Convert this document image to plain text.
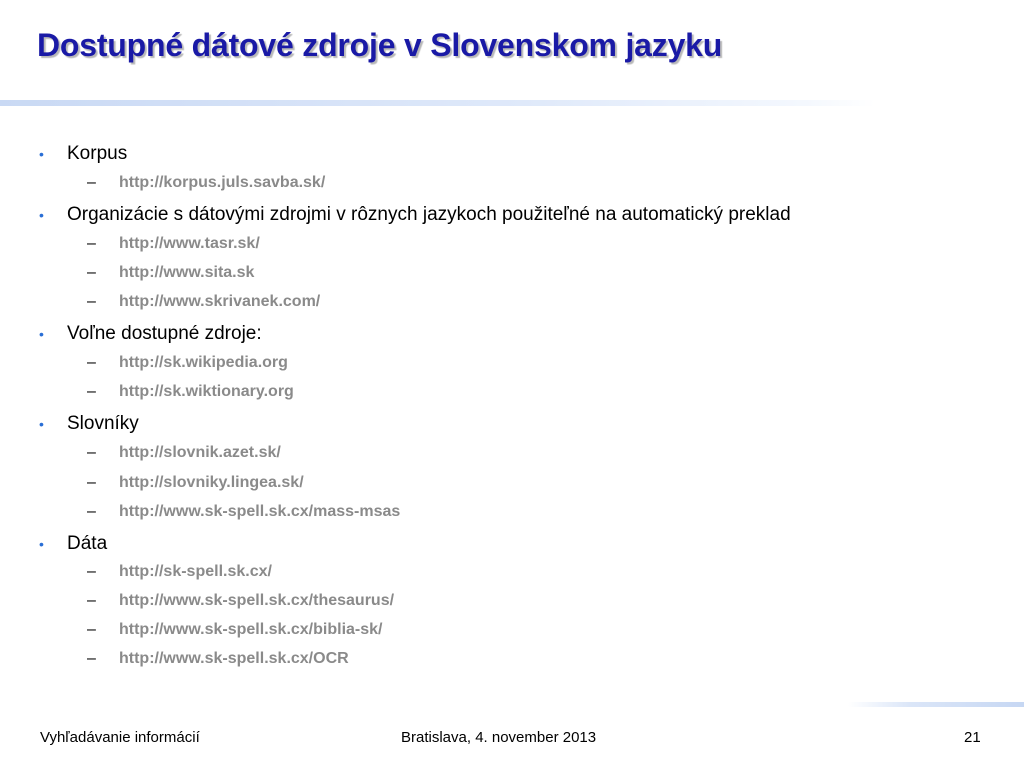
Dostupné dátové zdroje v Slovenskom jazyku
•	Korpus
–	http://korpus.juls.savba.sk/
•	Organizácie s dátovými zdrojmi v rôznych jazykoch použiteľné na automatický preklad
–	http://www.tasr.sk/
–	http://www.sita.sk
–	http://www.skrivanek.com/
•	Voľne dostupné zdroje:
–	http://sk.wikipedia.org
–	http://sk.wiktionary.org
•	Slovníky
–	http://slovnik.azet.sk/
–	http://slovniky.lingea.sk/
–	http://www.sk-spell.sk.cx/mass-msas
•	Dáta
–	http://sk-spell.sk.cx/
–	http://www.sk-spell.sk.cx/thesaurus/
–	http://www.sk-spell.sk.cx/biblia-sk/
–	http://www.sk-spell.sk.cx/OCR
Vyhľadávanie informácií	Bratislava, 4. november 2013	21
